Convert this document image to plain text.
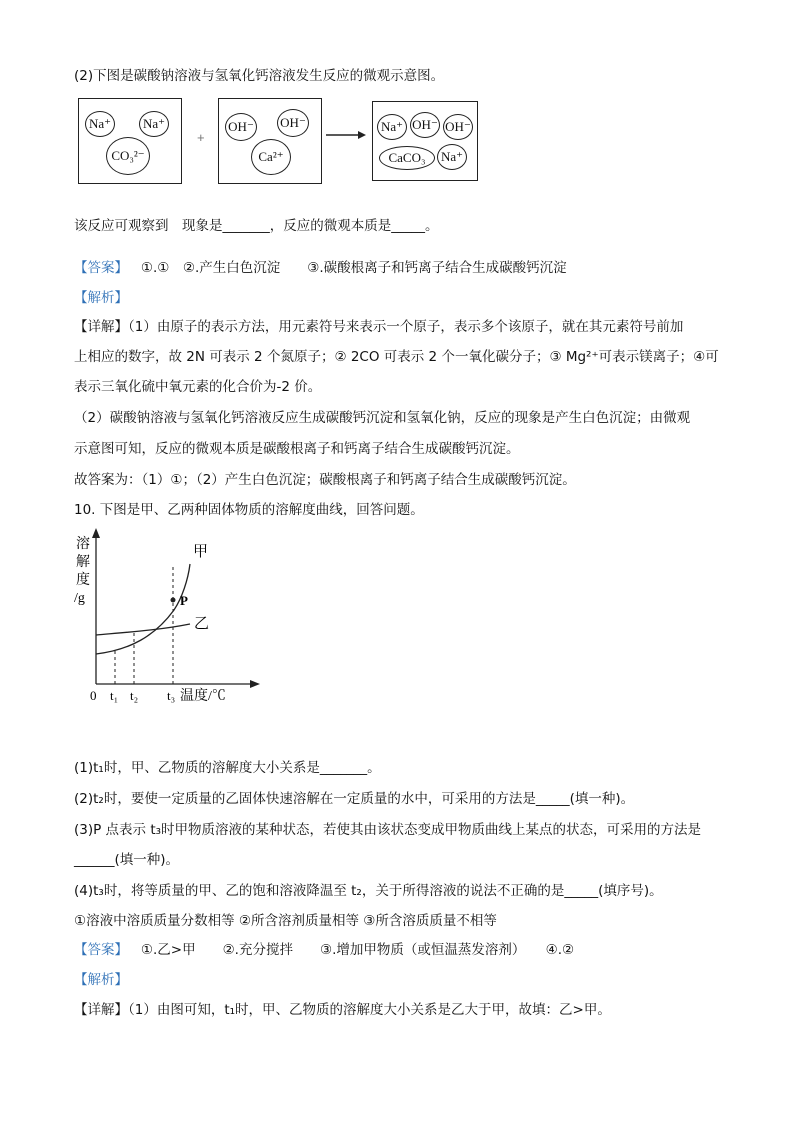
(2)下图是碳酸钠溶液与氢氧化钙溶液发生反应的微观示意图。
Na⁺	Na⁺
CO₃²⁻
+
OH⁻ OH⁻
Ca²⁺
Na⁺ OH⁻ OH⁻
CaCO₃	Na⁺
该反应可观察到　现象是_______，反应的微观本质是_____。
【答案】 ①.①　②.产生白色沉淀　　③.碳酸根离子和钙离子结合生成碳酸钙沉淀
【解析】
【详解】（1）由原子的表示方法，用元素符号来表示一个原子，表示多个该原子，就在其元素符号前加
上相应的数字，故 2N 可表示 2 个氮原子；② 2CO 可表示 2 个一氧化碳分子；③ Mg²⁺可表示镁离子；④可
表示三氧化硫中氧元素的化合价为-2 价。
（2）碳酸钠溶液与氢氧化钙溶液反应生成碳酸钙沉淀和氢氧化钠，反应的现象是产生白色沉淀；由微观
示意图可知，反应的微观本质是碳酸根离子和钙离子结合生成碳酸钙沉淀。
故答案为：（1）①；（2）产生白色沉淀；碳酸根离子和钙离子结合生成碳酸钙沉淀。
10. 下图是甲、乙两种固体物质的溶解度曲线，回答问题。
P
甲
乙
溶
解
度
/g
0 t₁ t₂ t₃ 温度/℃
(1)t₁时，甲、乙物质的溶解度大小关系是_______。
(2)t₂时，要使一定质量的乙固体快速溶解在一定质量的水中，可采用的方法是_____(填一种)。
(3)P 点表示 t₃时甲物质溶液的某种状态，若使其由该状态变成甲物质曲线上某点的状态，可采用的方法是
______(填一种)。
(4)t₃时，将等质量的甲、乙的饱和溶液降温至 t₂，关于所得溶液的说法不正确的是_____(填序号)。
①溶液中溶质质量分数相等 ②所含溶剂质量相等 ③所含溶质质量不相等
【答案】 ①.乙>甲　　②.充分搅拌　　③.增加甲物质（或恒温蒸发溶剂）　　④.②
【解析】
【详解】（1）由图可知，t₁时，甲、乙物质的溶解度大小关系是乙大于甲，故填：乙>甲。
